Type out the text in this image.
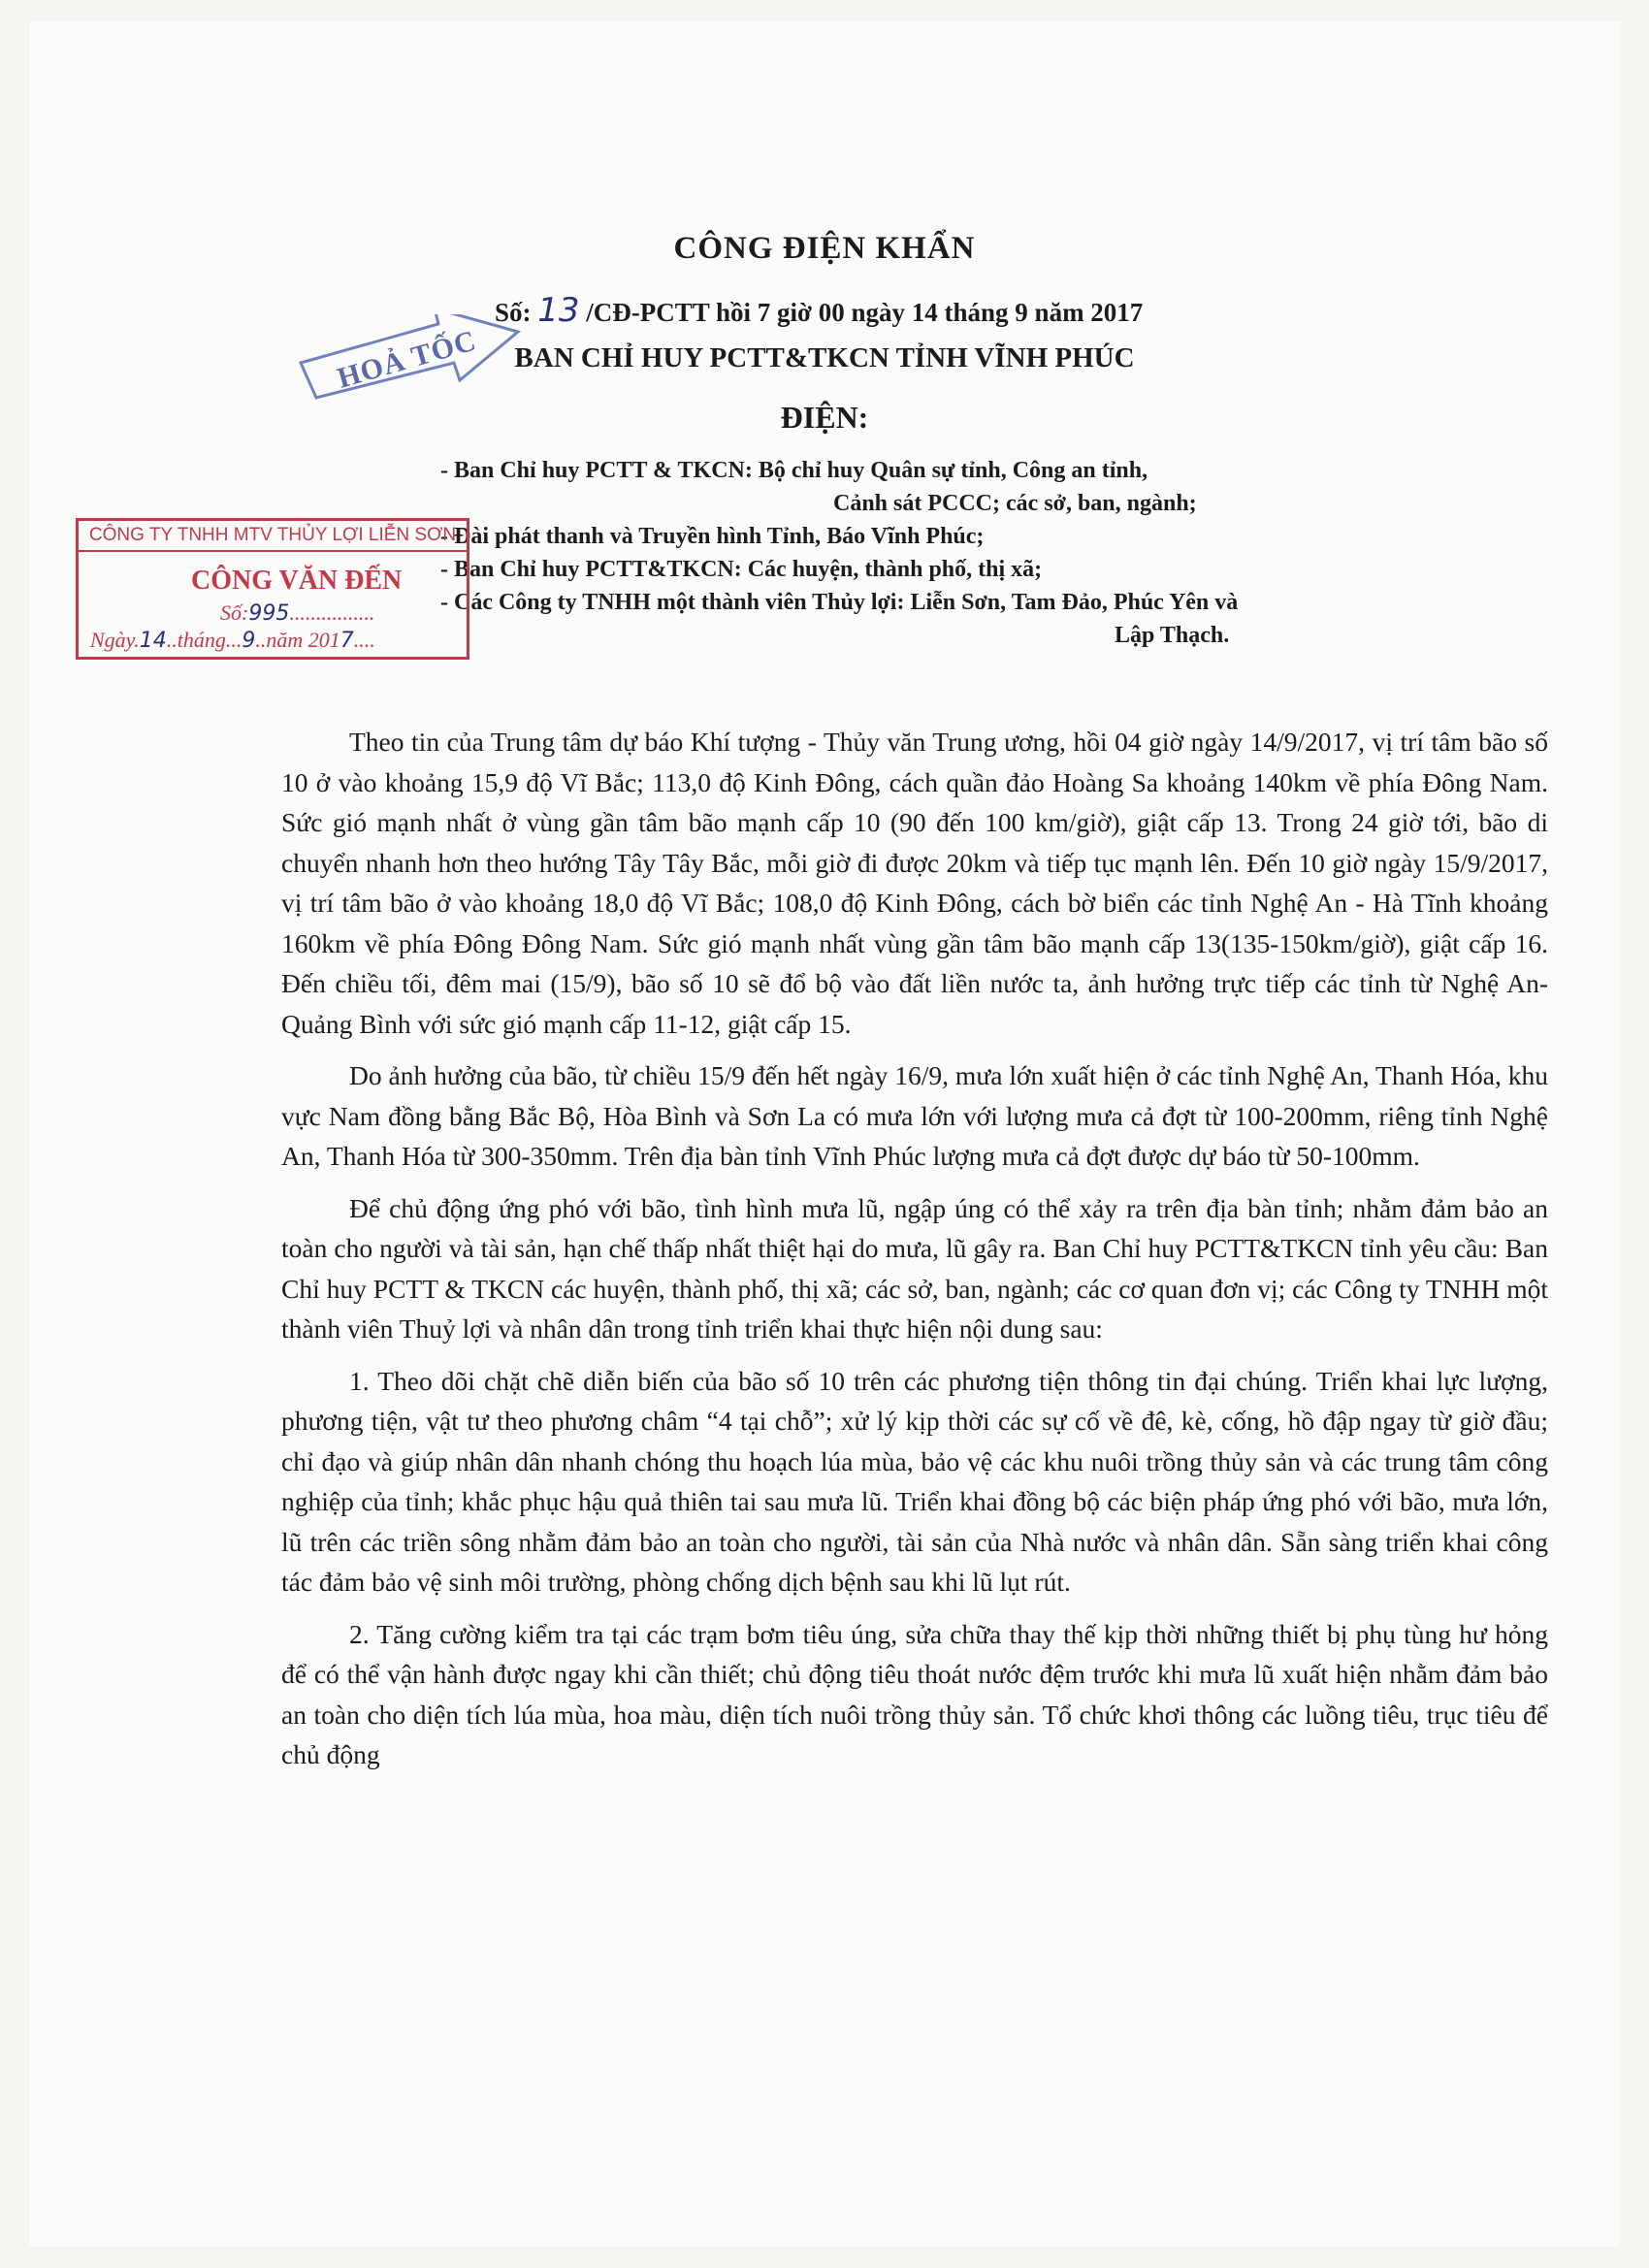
CÔNG ĐIỆN KHẨN
Số: 13 /CĐ-PCTT hồi 7 giờ 00 ngày 14 tháng 9 năm 2017
BAN CHỈ HUY PCTT&TKCN TỈNH VĨNH PHÚC
ĐIỆN:
- Ban Chỉ huy PCTT & TKCN: Bộ chỉ huy Quân sự tỉnh, Công an tỉnh,
Cảnh sát PCCC; các sở, ban, ngành;
- Đài phát thanh và Truyền hình Tỉnh, Báo Vĩnh Phúc;
- Ban Chỉ huy PCTT&TKCN: Các huyện, thành phố, thị xã;
- Các Công ty TNHH một thành viên Thủy lợi: Liễn Sơn, Tam Đảo, Phúc Yên và
Lập Thạch.
HOẢ TỐC
CÔNG TY TNHH MTV THỦY LỢI LIỄN SƠN
CÔNG VĂN ĐẾN
Số:995................
Ngày.14..tháng...9..năm 2017....

Theo tin của Trung tâm dự báo Khí tượng - Thủy văn Trung ương, hồi 04 giờ ngày 14/9/2017, vị trí tâm bão số 10 ở vào khoảng 15,9 độ Vĩ Bắc; 113,0 độ Kinh Đông, cách quần đảo Hoàng Sa khoảng 140km về phía Đông Nam. Sức gió mạnh nhất ở vùng gần tâm bão mạnh cấp 10 (90 đến 100 km/giờ), giật cấp 13. Trong 24 giờ tới, bão di chuyển nhanh hơn theo hướng Tây Tây Bắc, mỗi giờ đi được 20km và tiếp tục mạnh lên. Đến 10 giờ ngày 15/9/2017, vị trí tâm bão ở vào khoảng 18,0 độ Vĩ Bắc; 108,0 độ Kinh Đông, cách bờ biển các tỉnh Nghệ An - Hà Tĩnh khoảng 160km về phía Đông Đông Nam. Sức gió mạnh nhất vùng gần tâm bão mạnh cấp 13(135-150km/giờ), giật cấp 16. Đến chiều tối, đêm mai (15/9), bão số 10 sẽ đổ bộ vào đất liền nước ta, ảnh hưởng trực tiếp các tỉnh từ Nghệ An- Quảng Bình với sức gió mạnh cấp 11-12, giật cấp 15.

Do ảnh hưởng của bão, từ chiều 15/9 đến hết ngày 16/9, mưa lớn xuất hiện ở các tỉnh Nghệ An, Thanh Hóa, khu vực Nam đồng bằng Bắc Bộ, Hòa Bình và Sơn La có mưa lớn với lượng mưa cả đợt từ 100-200mm, riêng tỉnh Nghệ An, Thanh Hóa từ 300-350mm. Trên địa bàn tỉnh Vĩnh Phúc lượng mưa cả đợt được dự báo từ 50-100mm.

Để chủ động ứng phó với bão, tình hình mưa lũ, ngập úng có thể xảy ra trên địa bàn tỉnh; nhằm đảm bảo an toàn cho người và tài sản, hạn chế thấp nhất thiệt hại do mưa, lũ gây ra. Ban Chỉ huy PCTT&TKCN tỉnh yêu cầu: Ban Chỉ huy PCTT & TKCN các huyện, thành phố, thị xã; các sở, ban, ngành; các cơ quan đơn vị; các Công ty TNHH một thành viên Thuỷ lợi và nhân dân trong tỉnh triển khai thực hiện nội dung sau:

1. Theo dõi chặt chẽ diễn biến của bão số 10 trên các phương tiện thông tin đại chúng. Triển khai lực lượng, phương tiện, vật tư theo phương châm “4 tại chỗ”; xử lý kịp thời các sự cố về đê, kè, cống, hồ đập ngay từ giờ đầu; chỉ đạo và giúp nhân dân nhanh chóng thu hoạch lúa mùa, bảo vệ các khu nuôi trồng thủy sản và các trung tâm công nghiệp của tỉnh; khắc phục hậu quả thiên tai sau mưa lũ. Triển khai đồng bộ các biện pháp ứng phó với bão, mưa lớn, lũ trên các triền sông nhằm đảm bảo an toàn cho người, tài sản của Nhà nước và nhân dân. Sẵn sàng triển khai công tác đảm bảo vệ sinh môi trường, phòng chống dịch bệnh sau khi lũ lụt rút.

2. Tăng cường kiểm tra tại các trạm bơm tiêu úng, sửa chữa thay thế kịp thời những thiết bị phụ tùng hư hỏng để có thể vận hành được ngay khi cần thiết; chủ động tiêu thoát nước đệm trước khi mưa lũ xuất hiện nhằm đảm bảo an toàn cho diện tích lúa mùa, hoa màu, diện tích nuôi trồng thủy sản. Tổ chức khơi thông các luồng tiêu, trục tiêu để chủ động
